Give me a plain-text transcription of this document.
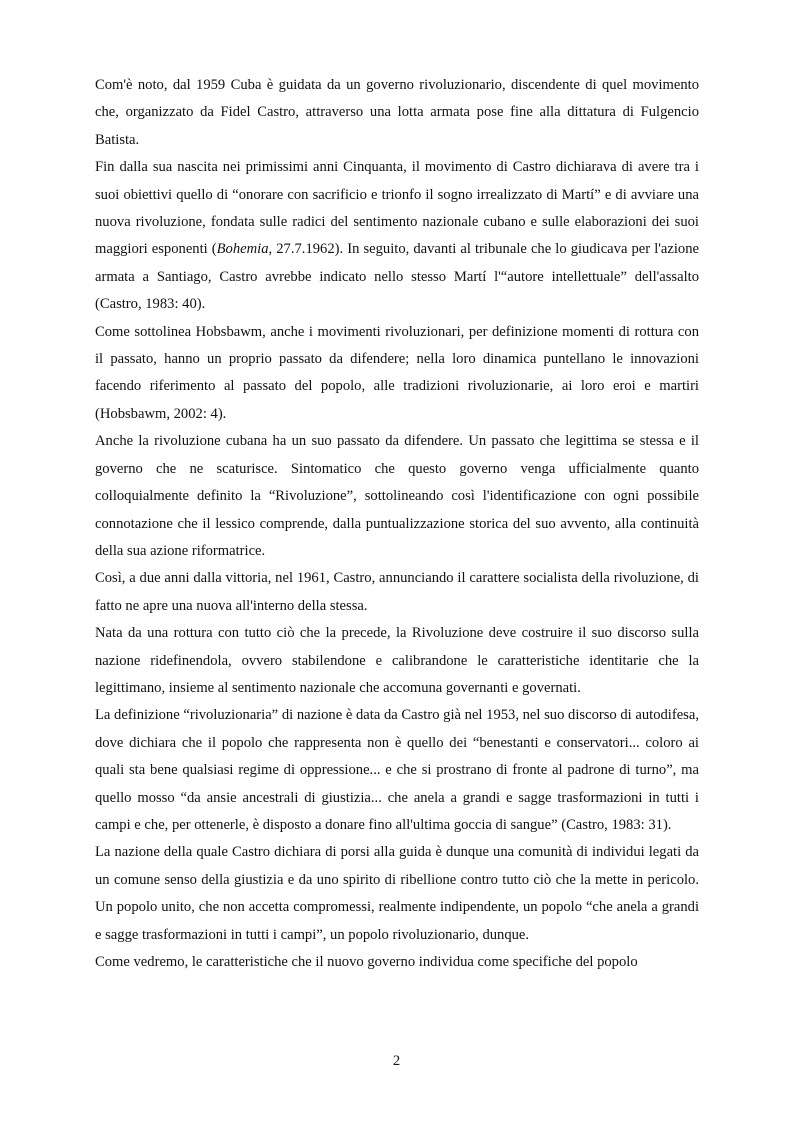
Com'è noto, dal 1959 Cuba è guidata da un governo rivoluzionario, discendente di quel movimento che, organizzato da Fidel Castro, attraverso una lotta armata pose fine alla dittatura di Fulgencio Batista.

Fin dalla sua nascita nei primissimi anni Cinquanta, il movimento di Castro dichiarava di avere tra i suoi obiettivi quello di “onorare con sacrificio e trionfo il sogno irrealizzato di Martí” e di avviare una nuova rivoluzione, fondata sulle radici del sentimento nazionale cubano e sulle elaborazioni dei suoi maggiori esponenti (Bohemia, 27.7.1962). In seguito, davanti al tribunale che lo giudicava per l'azione armata a Santiago, Castro avrebbe indicato nello stesso Martí l'“autore intellettuale” dell'assalto (Castro, 1983: 40).

Come sottolinea Hobsbawm, anche i movimenti rivoluzionari, per definizione momenti di rottura con il passato, hanno un proprio passato da difendere; nella loro dinamica puntellano le innovazioni facendo riferimento al passato del popolo, alle tradizioni rivoluzionarie, ai loro eroi e martiri (Hobsbawm, 2002: 4).

Anche la rivoluzione cubana ha un suo passato da difendere. Un passato che legittima se stessa e il governo che ne scaturisce. Sintomatico che questo governo venga ufficialmente quanto colloquialmente definito la “Rivoluzione”, sottolineando così l'identificazione con ogni possibile connotazione che il lessico comprende, dalla puntualizzazione storica del suo avvento, alla continuità della sua azione riformatrice.

Così, a due anni dalla vittoria, nel 1961, Castro, annunciando il carattere socialista della rivoluzione, di fatto ne apre una nuova all'interno della stessa.

Nata da una rottura con tutto ciò che la precede, la Rivoluzione deve costruire il suo discorso sulla nazione ridefinendola, ovvero stabilendone e calibrandone le caratteristiche identitarie che la legittimano, insieme al sentimento nazionale che accomuna governanti e governati.

La definizione “rivoluzionaria” di nazione è data da Castro già nel 1953, nel suo discorso di autodifesa, dove dichiara che il popolo che rappresenta non è quello dei “benestanti e conservatori... coloro ai quali sta bene qualsiasi regime di oppressione... e che si prostrano di fronte al padrone di turno”, ma quello mosso “da ansie ancestrali di giustizia... che anela a grandi e sagge trasformazioni in tutti i campi e che, per ottenerle, è disposto a donare fino all'ultima goccia di sangue” (Castro, 1983: 31).

La nazione della quale Castro dichiara di porsi alla guida è dunque una comunità di individui legati da un comune senso della giustizia e da uno spirito di ribellione contro tutto ciò che la mette in pericolo. Un popolo unito, che non accetta compromessi, realmente indipendente, un popolo “che anela a grandi e sagge trasformazioni in tutti i campi”, un popolo rivoluzionario, dunque.

Come vedremo, le caratteristiche che il nuovo governo individua come specifiche del popolo

2
